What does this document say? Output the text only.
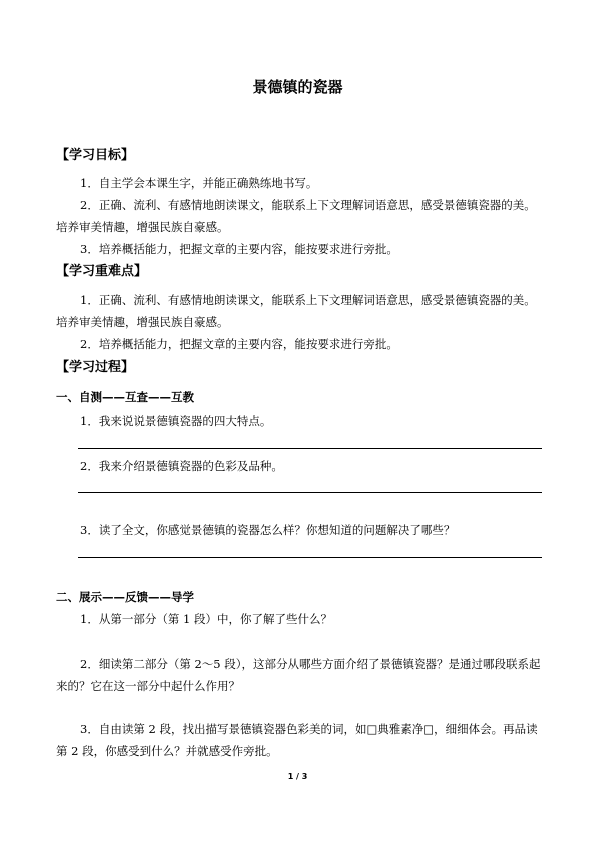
景德镇的瓷器
【学习目标】
1．自主学会本课生字，并能正确熟练地书写。
2．正确、流利、有感情地朗读课文，能联系上下文理解词语意思，感受景德镇瓷器的美。培养审美情趣，增强民族自豪感。
3．培养概括能力，把握文章的主要内容，能按要求进行旁批。
【学习重难点】
1．正确、流利、有感情地朗读课文，能联系上下文理解词语意思，感受景德镇瓷器的美。培养审美情趣，增强民族自豪感。
2．培养概括能力，把握文章的主要内容，能按要求进行旁批。
【学习过程】
一、自测——互查——互教
1．我来说说景德镇瓷器的四大特点。
2．我来介绍景德镇瓷器的色彩及品种。
3．读了全文，你感觉景德镇的瓷器怎么样？你想知道的问题解决了哪些？
二、展示——反馈——导学
1．从第一部分（第 1 段）中，你了解了些什么？
2．细读第二部分（第 2～5 段），这部分从哪些方面介绍了景德镇瓷器？是通过哪段联系起来的？它在这一部分中起什么作用？
3．自由读第 2 段，找出描写景德镇瓷器色彩美的词，如□典雅素净□，细细体会。再品读第 2 段，你感受到什么？并就感受作旁批。
1 / 3
